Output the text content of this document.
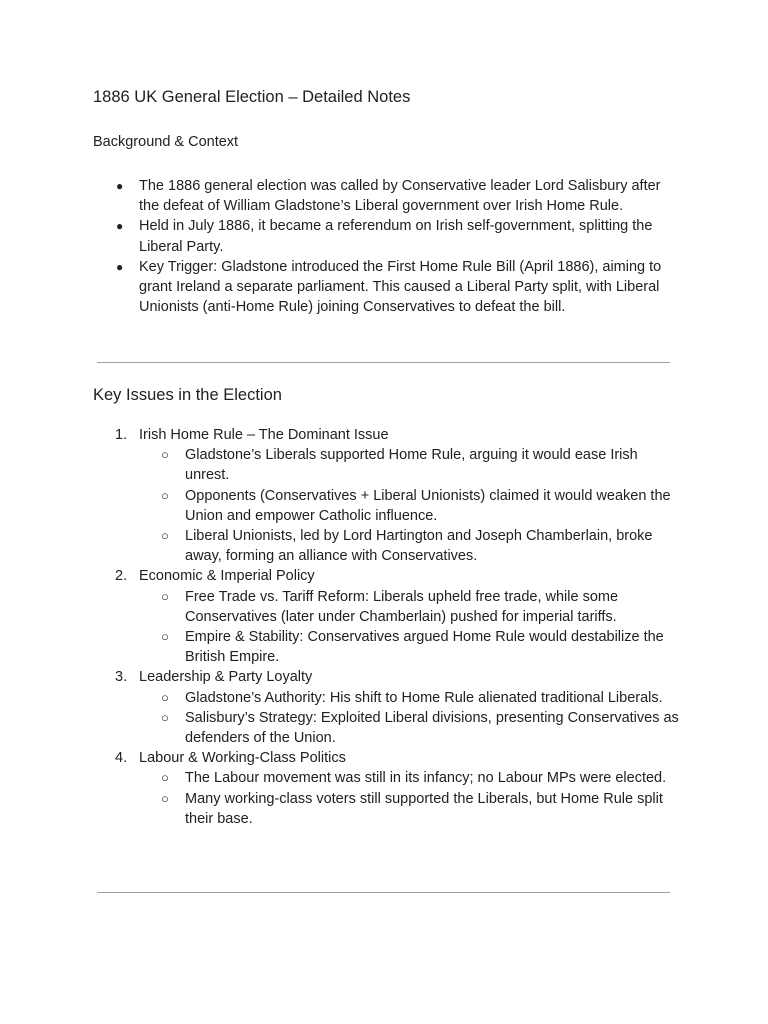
1886 UK General Election – Detailed Notes
Background & Context
● The 1886 general election was called by Conservative leader Lord Salisbury after the defeat of William Gladstone’s Liberal government over Irish Home Rule.
● Held in July 1886, it became a referendum on Irish self-government, splitting the Liberal Party.
● Key Trigger: Gladstone introduced the First Home Rule Bill (April 1886), aiming to grant Ireland a separate parliament. This caused a Liberal Party split, with Liberal Unionists (anti-Home Rule) joining Conservatives to defeat the bill.
Key Issues in the Election
1. Irish Home Rule – The Dominant Issue
○ Gladstone’s Liberals supported Home Rule, arguing it would ease Irish unrest.
○ Opponents (Conservatives + Liberal Unionists) claimed it would weaken the Union and empower Catholic influence.
○ Liberal Unionists, led by Lord Hartington and Joseph Chamberlain, broke away, forming an alliance with Conservatives.
2. Economic & Imperial Policy
○ Free Trade vs. Tariff Reform: Liberals upheld free trade, while some Conservatives (later under Chamberlain) pushed for imperial tariffs.
○ Empire & Stability: Conservatives argued Home Rule would destabilize the British Empire.
3. Leadership & Party Loyalty
○ Gladstone’s Authority: His shift to Home Rule alienated traditional Liberals.
○ Salisbury’s Strategy: Exploited Liberal divisions, presenting Conservatives as defenders of the Union.
4. Labour & Working-Class Politics
○ The Labour movement was still in its infancy; no Labour MPs were elected.
○ Many working-class voters still supported the Liberals, but Home Rule split their base.
